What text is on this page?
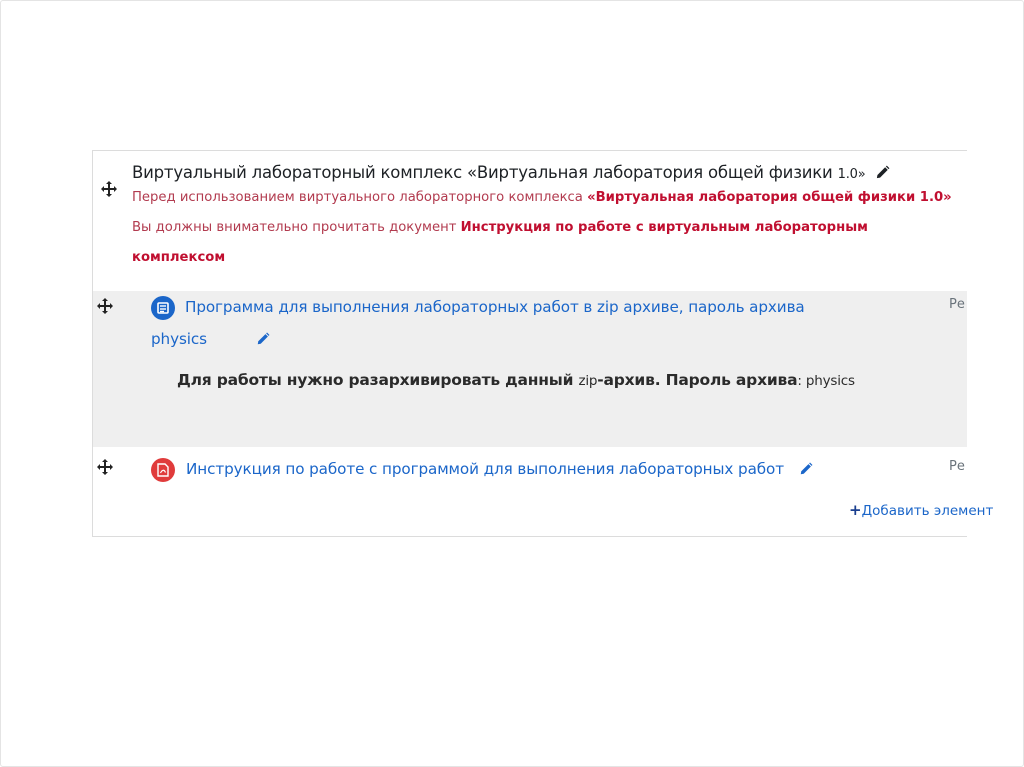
Виртуальный лабораторный комплекс «Виртуальная лаборатория общей физики 1.0»

Перед использованием виртуального лабораторного комплекса «Виртуальная лаборатория общей физики 1.0»  Вы должны внимательно прочитать документ Инструкция по работе с виртуальным лабораторным комплексом

Программа для выполнения лабораторных работ в zip архиве, пароль архива physics

Для работы нужно разархивировать данный zip-архив. Пароль архива: physics

Ре

Инструкция по работе с программой для выполнения лабораторных работ	Ре
+Добавить элемент
